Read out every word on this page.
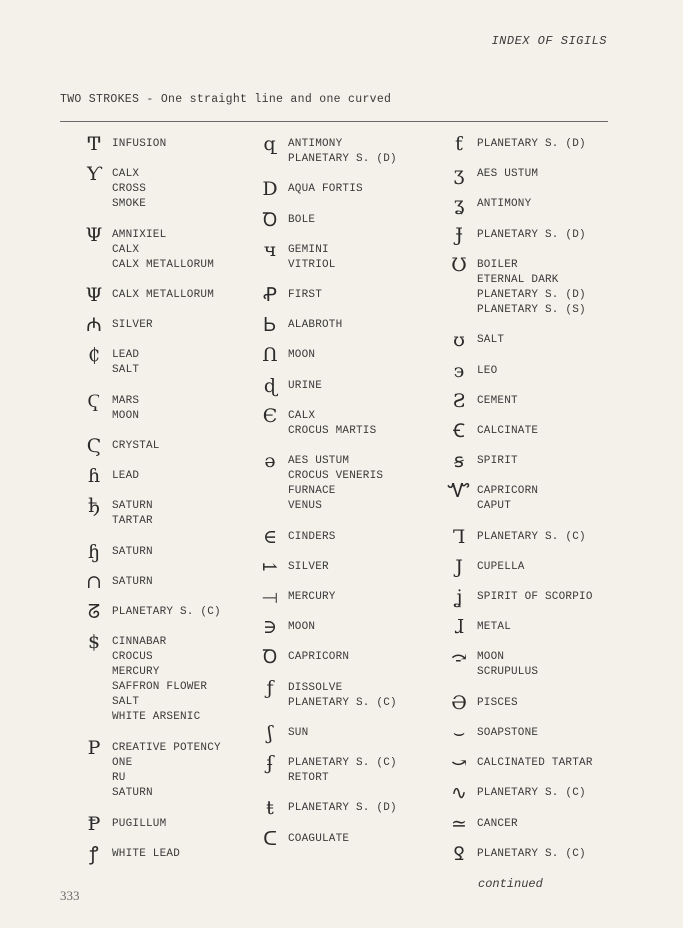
INDEX OF SIGILS
TWO STROKES - One straight line and one curved
Ͳ	INFUSION
Ƴ CALX
CROSS
SMOKE
Ψ AMNIXIEL
CALX
CALX METALLORUM
Ψ CALX METALLORUM
₼ SILVER
₵	LEAD
SALT
Ҁ	MARS
MOON
Ϛ CRYSTAL
ɦ	LEAD
ђ	SATURN
TARTAR
ɧ	SATURN
∩ SATURN
ᘔ	PLANETARY S. (C)
$	CINNABAR
CROCUS
MERCURY
SAFFRON FLOWER
SALT
WHITE ARSENIC
P	CREATIVE POTENCY
ONE
RU
SATURN
Ᵽ	PUGILLUM
ꝭ	WHITE LEAD
զ	ANTIMONY
PLANETARY S. (D)
D AQUA FORTIS
Ꝺ BOLE
ч	GEMINI
VITRIOL
Ꝓ	FIRST
Ꮟ	ALABROTH
Ո MOON
ɖ	URINE
Є CALX
CROCUS MARTIS
ə	AES USTUM
CROCUS VENERIS
FURNACE
VENUS
∈ CINDERS
⥛ SILVER
⟞ MERCURY
∋ MOON
Ꝺ CAPRICORN
ƒ	DISSOLVE
PLANETARY S. (C)
ʃ	SUN
ʄ	PLANETARY S. (C)
RETORT
ŧ	PLANETARY S. (D)
ᑕ	COAGULATE
ƭ	PLANETARY S. (D)
ʒ	AES USTUM
ʓ	ANTIMONY
Ɉ	PLANETARY S. (D)
Ʊ BOILER
ETERNAL DARK
PLANETARY S. (D)
PLANETARY S. (S)
ʊ	SALT
϶	LEO
Ƨ	CEMENT
Ꞓ	CALCINATE
ꞩ	SPIRIT
Ꮙ CAPRICORN
CAPUT
Ꞁ	PLANETARY S. (C)
J	CUPELLA
ʝ	SPIRIT OF SCORPIO
ɺ	METAL
⤼ MOON
SCRUPULUS
Ə PISCES
⌣	SOAPSTONE
⤻ CALCINATED TARTAR
∿ PLANETARY S. (C)
≃ CANCER
Ꝿ	PLANETARY S. (C)
continued
333
